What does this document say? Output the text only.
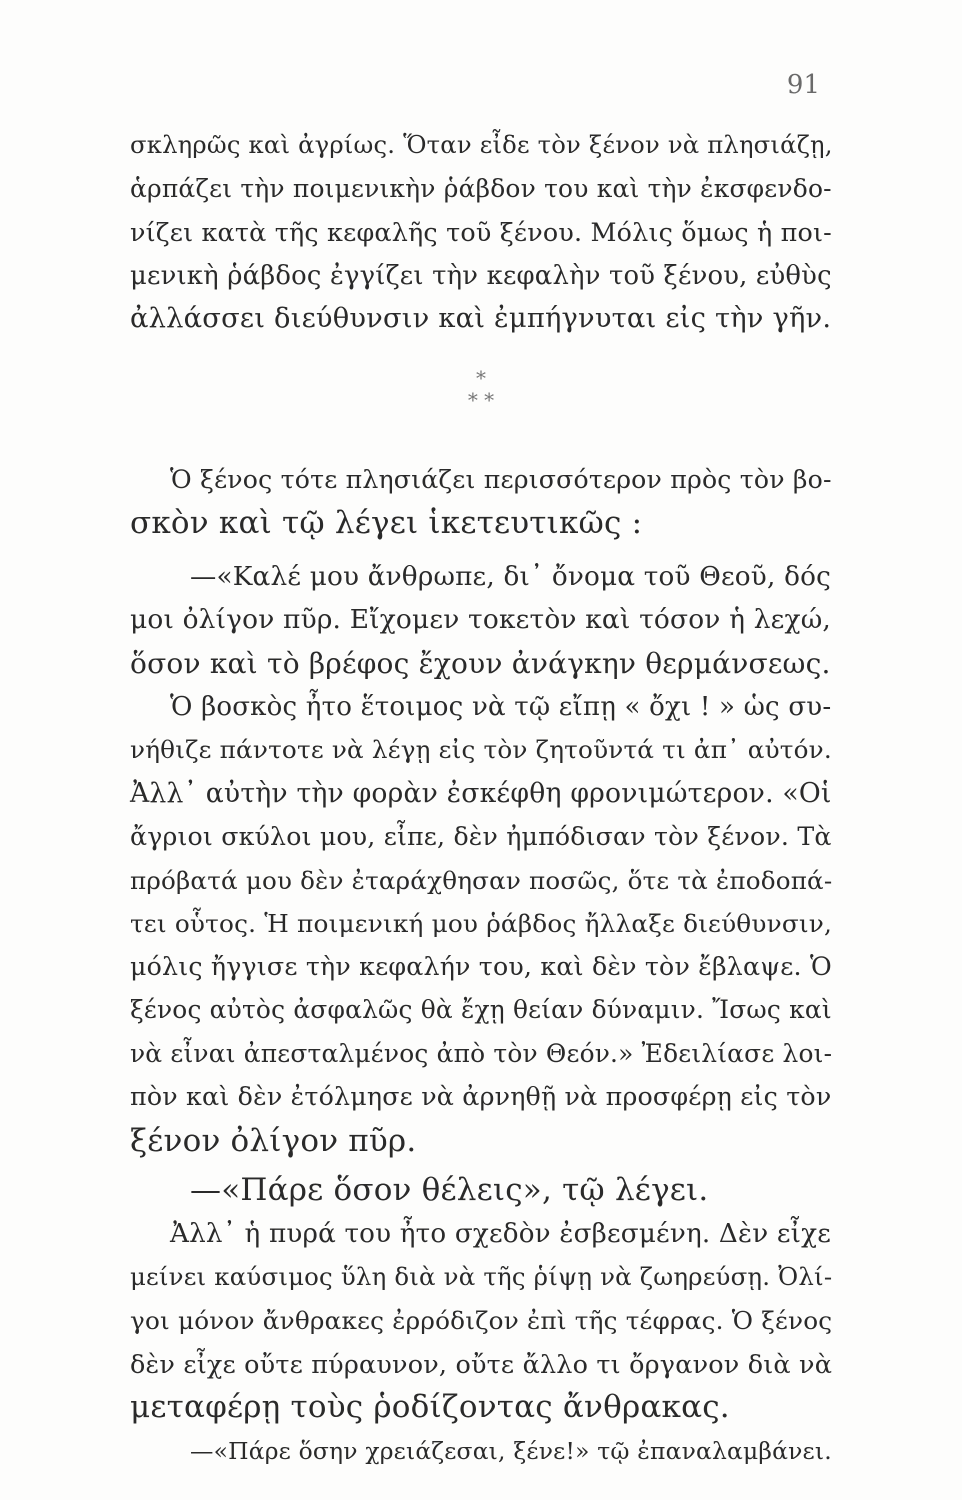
91
σκληρῶς καὶ ἀγρίως. Ὅταν εἶδε τὸν ξένον νὰ πλησιάζῃ,
ἁρπάζει τὴν ποιμενικὴν ῥάβδον του καὶ τὴν ἐκσφενδο-
νίζει κατὰ τῆς κεφαλῆς τοῦ ξένου. Μόλις ὅμως ἡ ποι-
μενικὴ ῥάβδος ἐγγίζει τὴν κεφαλὴν τοῦ ξένου, εὐθὺς
ἀλλάσσει διεύθυνσιν καὶ ἐμπήγνυται εἰς τὴν γῆν.
*
* *
Ὁ ξένος τότε πλησιάζει περισσότερον πρὸς τὸν βο-
σκὸν καὶ τῷ λέγει ἱκετευτικῶς :
—«Καλέ μου ἄνθρωπε, δι᾿ ὄνομα τοῦ Θεοῦ, δός
μοι ὀλίγον πῦρ. Εἴχομεν τοκετὸν καὶ τόσον ἡ λεχώ,
ὅσον καὶ τὸ βρέφος ἔχουν ἀνάγκην θερμάνσεως.
Ὁ βοσκὸς ἦτο ἕτοιμος νὰ τῷ εἴπῃ « ὄχι ! » ὡς συ-
νήθιζε πάντοτε νὰ λέγῃ εἰς τὸν ζητοῦντά τι ἀπ᾿ αὐτόν.
Ἀλλ᾿ αὐτὴν τὴν φορὰν ἐσκέφθη φρονιμώτερον. «Οἱ
ἄγριοι σκύλοι μου, εἶπε, δὲν ἠμπόδισαν τὸν ξένον. Τὰ
πρόβατά μου δὲν ἐταράχθησαν ποσῶς, ὅτε τὰ ἐποδοπά-
τει οὗτος. Ἡ ποιμενική μου ῥάβδος ἤλλαξε διεύθυνσιν,
μόλις ἤγγισε τὴν κεφαλήν του, καὶ δὲν τὸν ἔβλαψε. Ὁ
ξένος αὐτὸς ἀσφαλῶς θὰ ἔχῃ θείαν δύναμιν. Ἴσως καὶ
νὰ εἶναι ἀπεσταλμένος ἀπὸ τὸν Θεόν.» Ἐδειλίασε λοι-
πὸν καὶ δὲν ἐτόλμησε νὰ ἀρνηθῇ νὰ προσφέρῃ εἰς τὸν
ξένον ὀλίγον πῦρ.
—«Πάρε ὅσον θέλεις», τῷ λέγει.
Ἀλλ᾿ ἡ πυρά του ἦτο σχεδὸν ἐσβεσμένη. Δὲν εἶχε
μείνει καύσιμος ὕλη διὰ νὰ τῆς ῥίψῃ νὰ ζωηρεύσῃ. Ὀλί-
γοι μόνον ἄνθρακες ἐρρόδιζον ἐπὶ τῆς τέφρας. Ὁ ξένος
δὲν εἶχε οὔτε πύραυνον, οὔτε ἄλλο τι ὄργανον διὰ νὰ
μεταφέρῃ τοὺς ῥοδίζοντας ἄνθρακας.
—«Πάρε ὅσην χρειάζεσαι, ξένε!» τῷ ἐπαναλαμβάνει.
